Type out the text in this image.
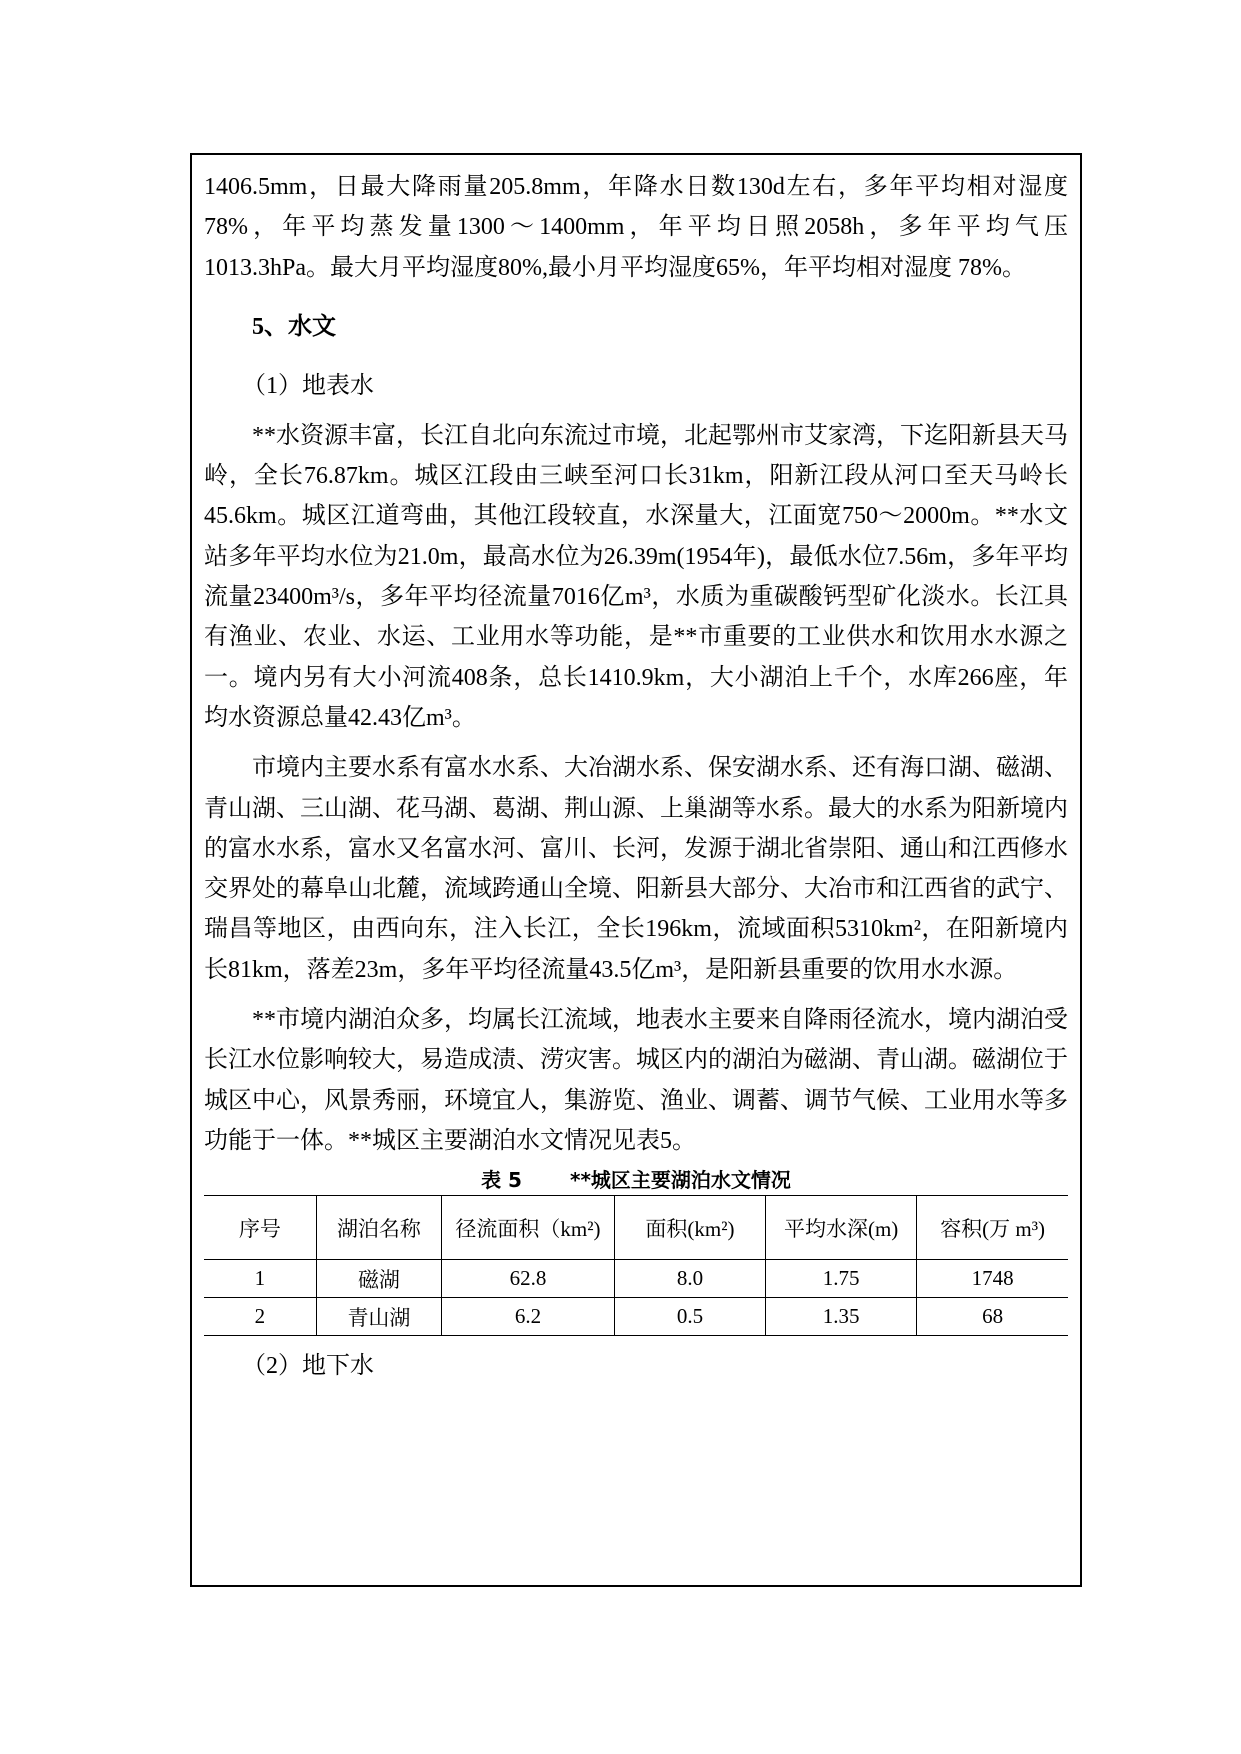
1406.5mm，日最大降雨量205.8mm，年降水日数130d左右，多年平均相对湿度78%，年平均蒸发量1300～1400mm，年平均日照2058h，多年平均气压1013.3hPa。最大月平均湿度80%,最小月平均湿度65%，年平均相对湿度 78%。

5、水文

（1）地表水

**水资源丰富，长江自北向东流过市境，北起鄂州市艾家湾，下迄阳新县天马岭，全长76.87km。城区江段由三峡至河口长31km，阳新江段从河口至天马岭长45.6km。城区江道弯曲，其他江段较直，水深量大，江面宽750～2000m。**水文站多年平均水位为21.0m，最高水位为26.39m(1954年)，最低水位7.56m，多年平均流量23400m³/s，多年平均径流量7016亿m³，水质为重碳酸钙型矿化淡水。长江具有渔业、农业、水运、工业用水等功能，是**市重要的工业供水和饮用水水源之一。境内另有大小河流408条，总长1410.9km，大小湖泊上千个，水库266座，年均水资源总量42.43亿m³。

市境内主要水系有富水水系、大冶湖水系、保安湖水系、还有海口湖、磁湖、青山湖、三山湖、花马湖、葛湖、荆山源、上巢湖等水系。最大的水系为阳新境内的富水水系，富水又名富水河、富川、长河，发源于湖北省崇阳、通山和江西修水交界处的幕阜山北麓，流域跨通山全境、阳新县大部分、大冶市和江西省的武宁、瑞昌等地区，由西向东，注入长江，全长196km，流域面积5310km²，在阳新境内长81km，落差23m，多年平均径流量43.5亿m³，是阳新县重要的饮用水水源。

**市境内湖泊众多，均属长江流域，地表水主要来自降雨径流水，境内湖泊受长江水位影响较大，易造成渍、涝灾害。城区内的湖泊为磁湖、青山湖。磁湖位于城区中心，风景秀丽，环境宜人，集游览、渔业、调蓄、调节气候、工业用水等多功能于一体。**城区主要湖泊水文情况见表5。

表 5 **城区主要湖泊水文情况
序号	湖泊名称	径流面积（km²)	面积(km²)	平均水深(m)	容积(万 m³)
1	磁湖	62.8	8.0	1.75	1748
2	青山湖	6.2	0.5	1.35	68

（2）地下水
